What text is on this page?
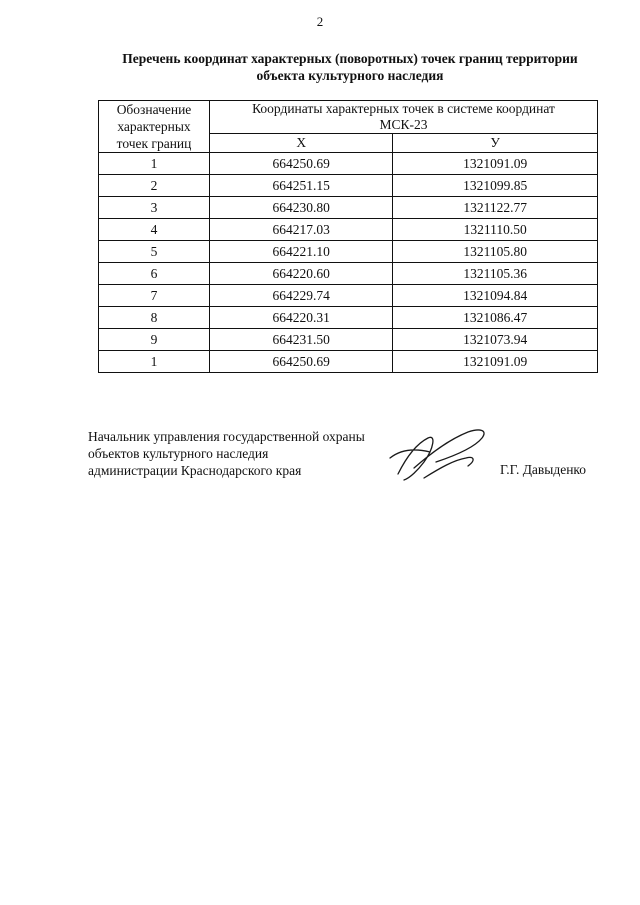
2
Перечень координат характерных (поворотных) точек границ территории
объекта культурного наследия
Обозначение
характерных
точек границ	Координаты характерных точек в системе координат
МСК-23	

	X	У
1	664250.69	1321091.09
2	664251.15	1321099.85
3	664230.80	1321122.77
4	664217.03	1321110.50
5	664221.10	1321105.80
6	664220.60	1321105.36
7	664229.74	1321094.84
8	664220.31	1321086.47
9	664231.50	1321073.94
1	664250.69	1321091.09
Начальник управления государственной охраны
объектов культурного наследия
администрации Краснодарского края	Г.Г. Давыденко
